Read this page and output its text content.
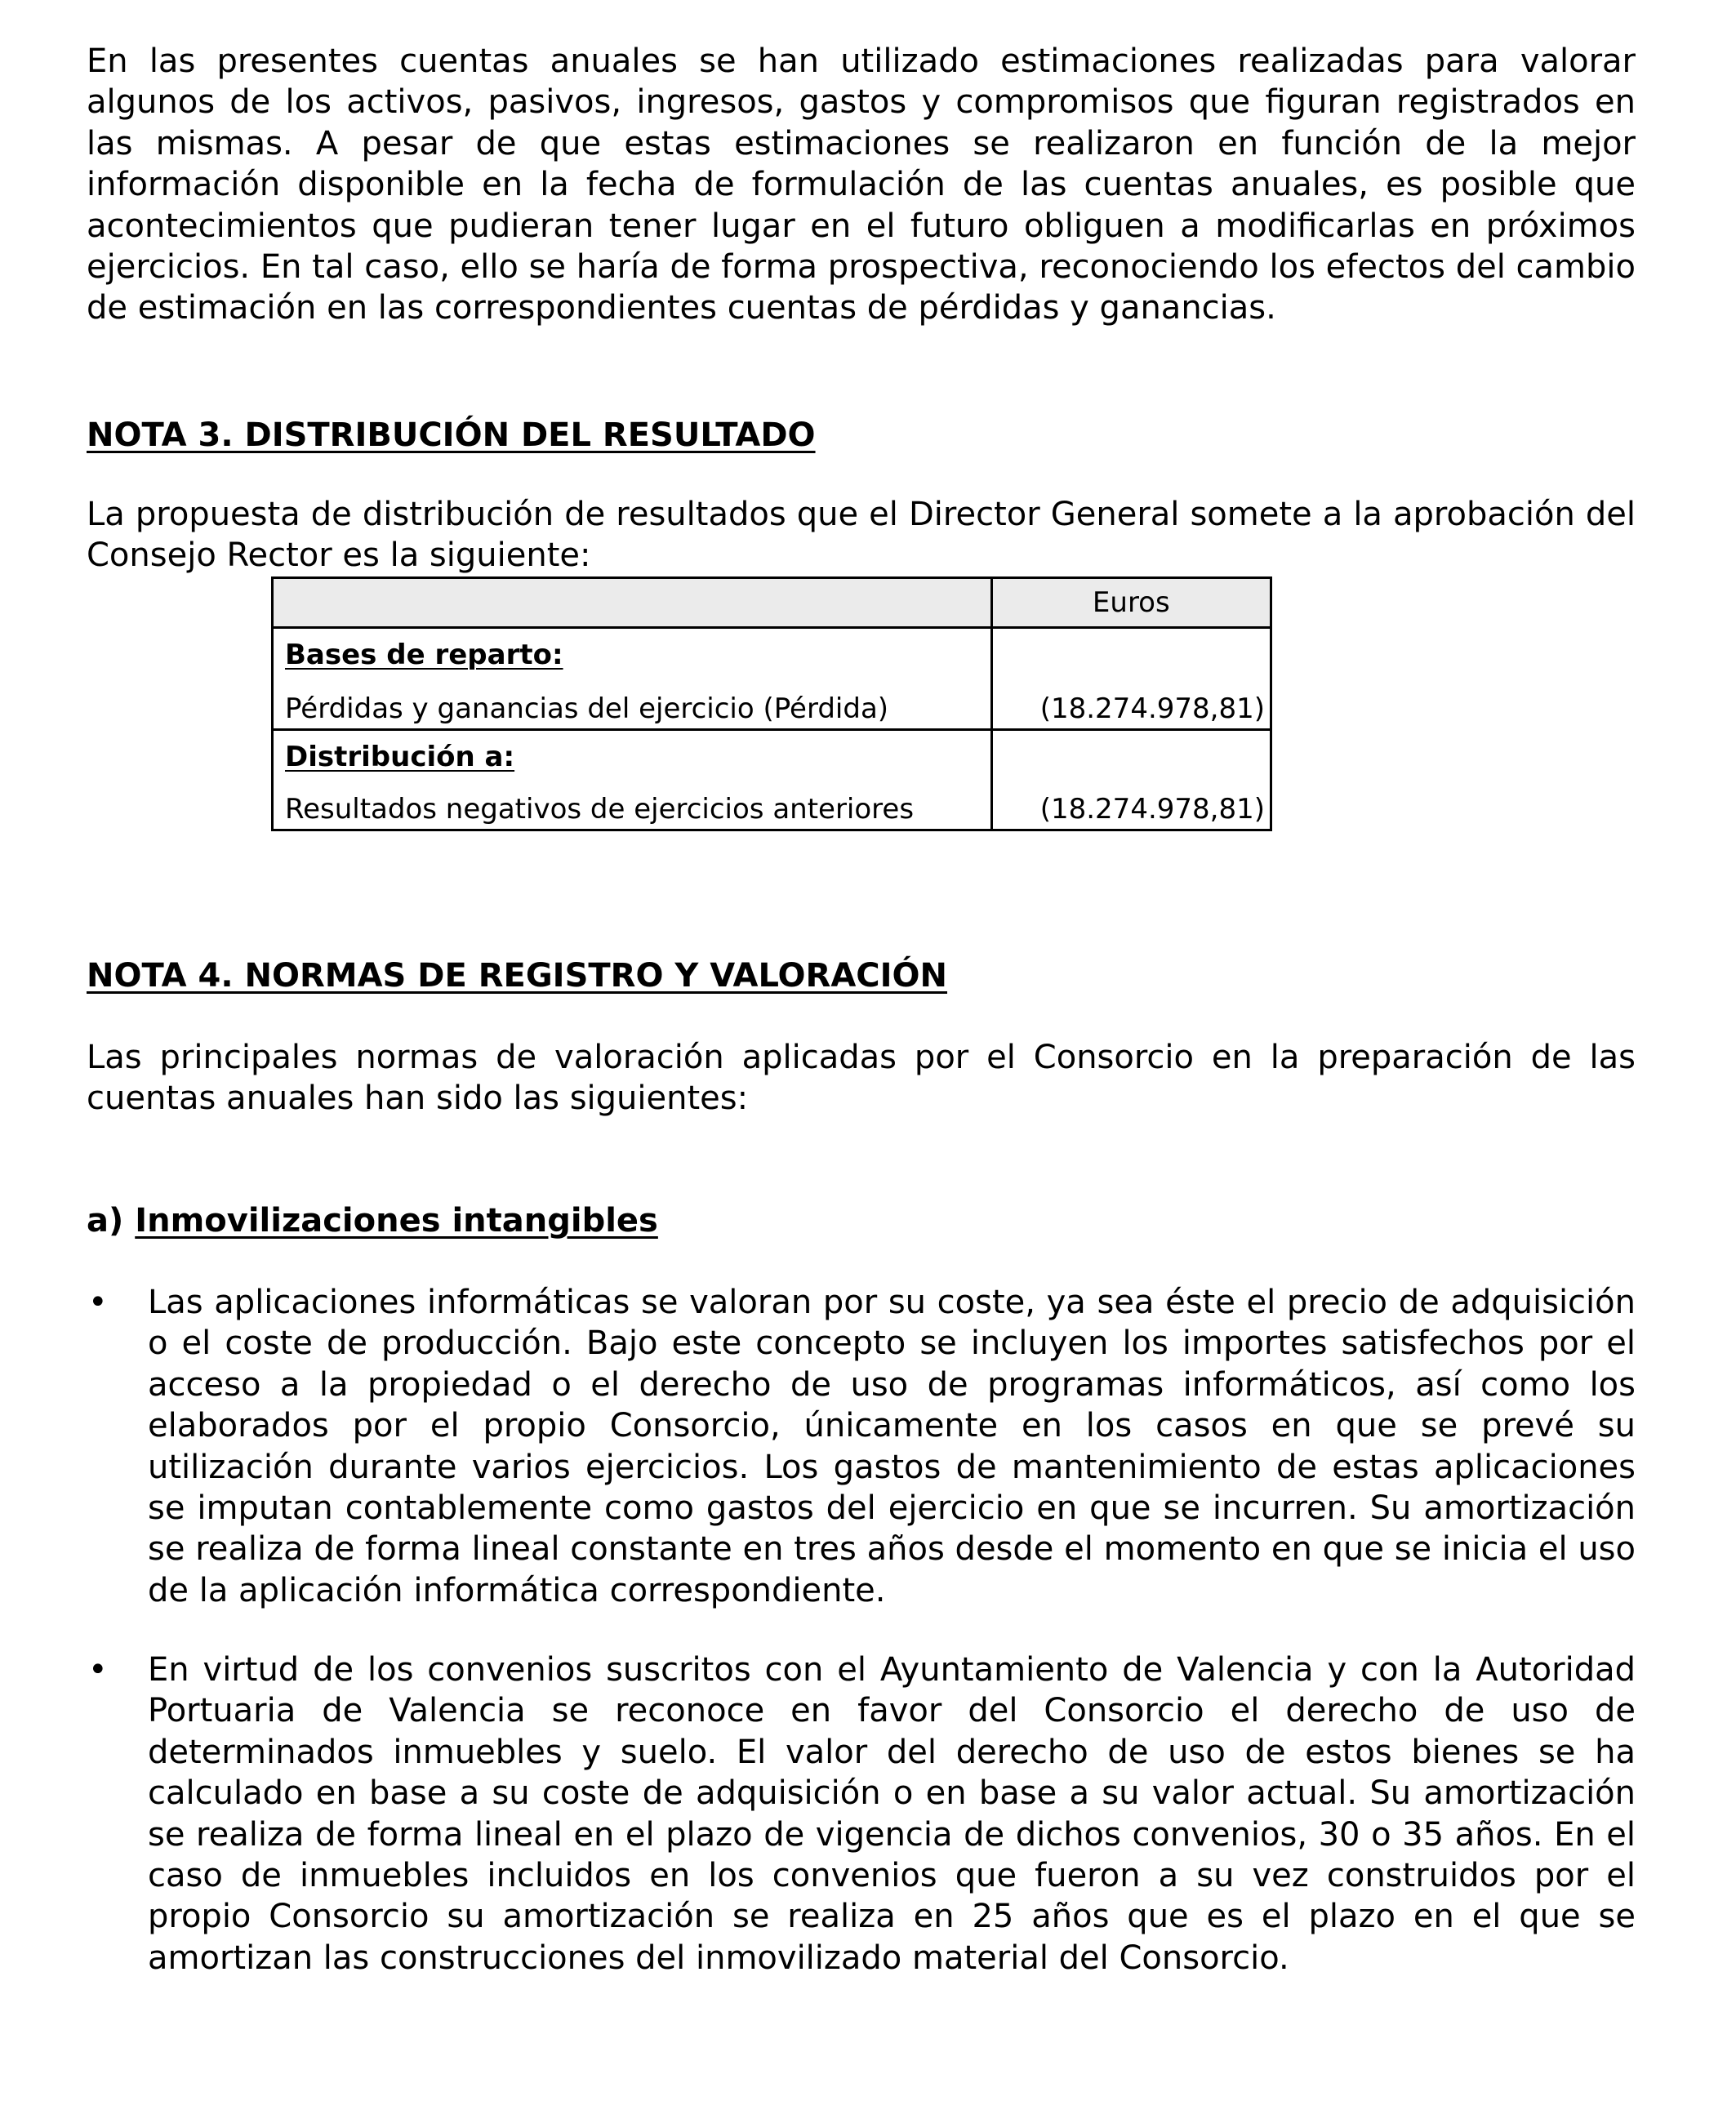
En las presentes cuentas anuales se han utilizado estimaciones realizadas para valorar algunos de los activos, pasivos, ingresos, gastos y compromisos que figuran registrados en las mismas. A pesar de que estas estimaciones se realizaron en función de la mejor información disponible en la fecha de formulación de las cuentas anuales, es posible que acontecimientos que pudieran tener lugar en el futuro obliguen a modificarlas en próximos ejercicios. En tal caso, ello se haría de forma prospectiva, reconociendo los efectos del cambio de estimación en las correspondientes cuentas de pérdidas y ganancias.

NOTA 3. DISTRIBUCIÓN DEL RESULTADO

La propuesta de distribución de resultados que el Director General somete a la aprobación del Consejo Rector es la siguiente:

NOTA 4. NORMAS DE REGISTRO Y VALORACIÓN

Las principales normas de valoración aplicadas por el Consorcio en la preparación de las cuentas anuales han sido las siguientes:

a) Inmovilizaciones intangibles

• Las aplicaciones informáticas se valoran por su coste, ya sea éste el precio de adquisición o el coste de producción. Bajo este concepto se incluyen los importes satisfechos por el acceso a la propiedad o el derecho de uso de programas informáticos, así como los elaborados por el propio Consorcio, únicamente en los casos en que se prevé su utilización durante varios ejercicios. Los gastos de mantenimiento de estas aplicaciones se imputan contablemente como gastos del ejercicio en que se incurren. Su amortización se realiza de forma lineal constante en tres años desde el momento en que se inicia el uso de la aplicación informática correspondiente.

• En virtud de los convenios suscritos con el Ayuntamiento de Valencia y con la Autoridad Portuaria de Valencia se reconoce en favor del Consorcio el derecho de uso de determinados inmuebles y suelo. El valor del derecho de uso de estos bienes se ha calculado en base a su coste de adquisición o en base a su valor actual. Su amortización se realiza de forma lineal en el plazo de vigencia de dichos convenios, 30 o 35 años. En el caso de inmuebles incluidos en los convenios que fueron a su vez construidos por el propio Consorcio su amortización se realiza en 25 años que es el plazo en el que se amortizan las construcciones del inmovilizado material del Consorcio.

	Euros

Bases de reparto:
Pérdidas y ganancias del ejercicio (Pérdida)	(18.274.978,81)

Distribución a:
Resultados negativos de ejercicios anteriores	(18.274.978,81)
